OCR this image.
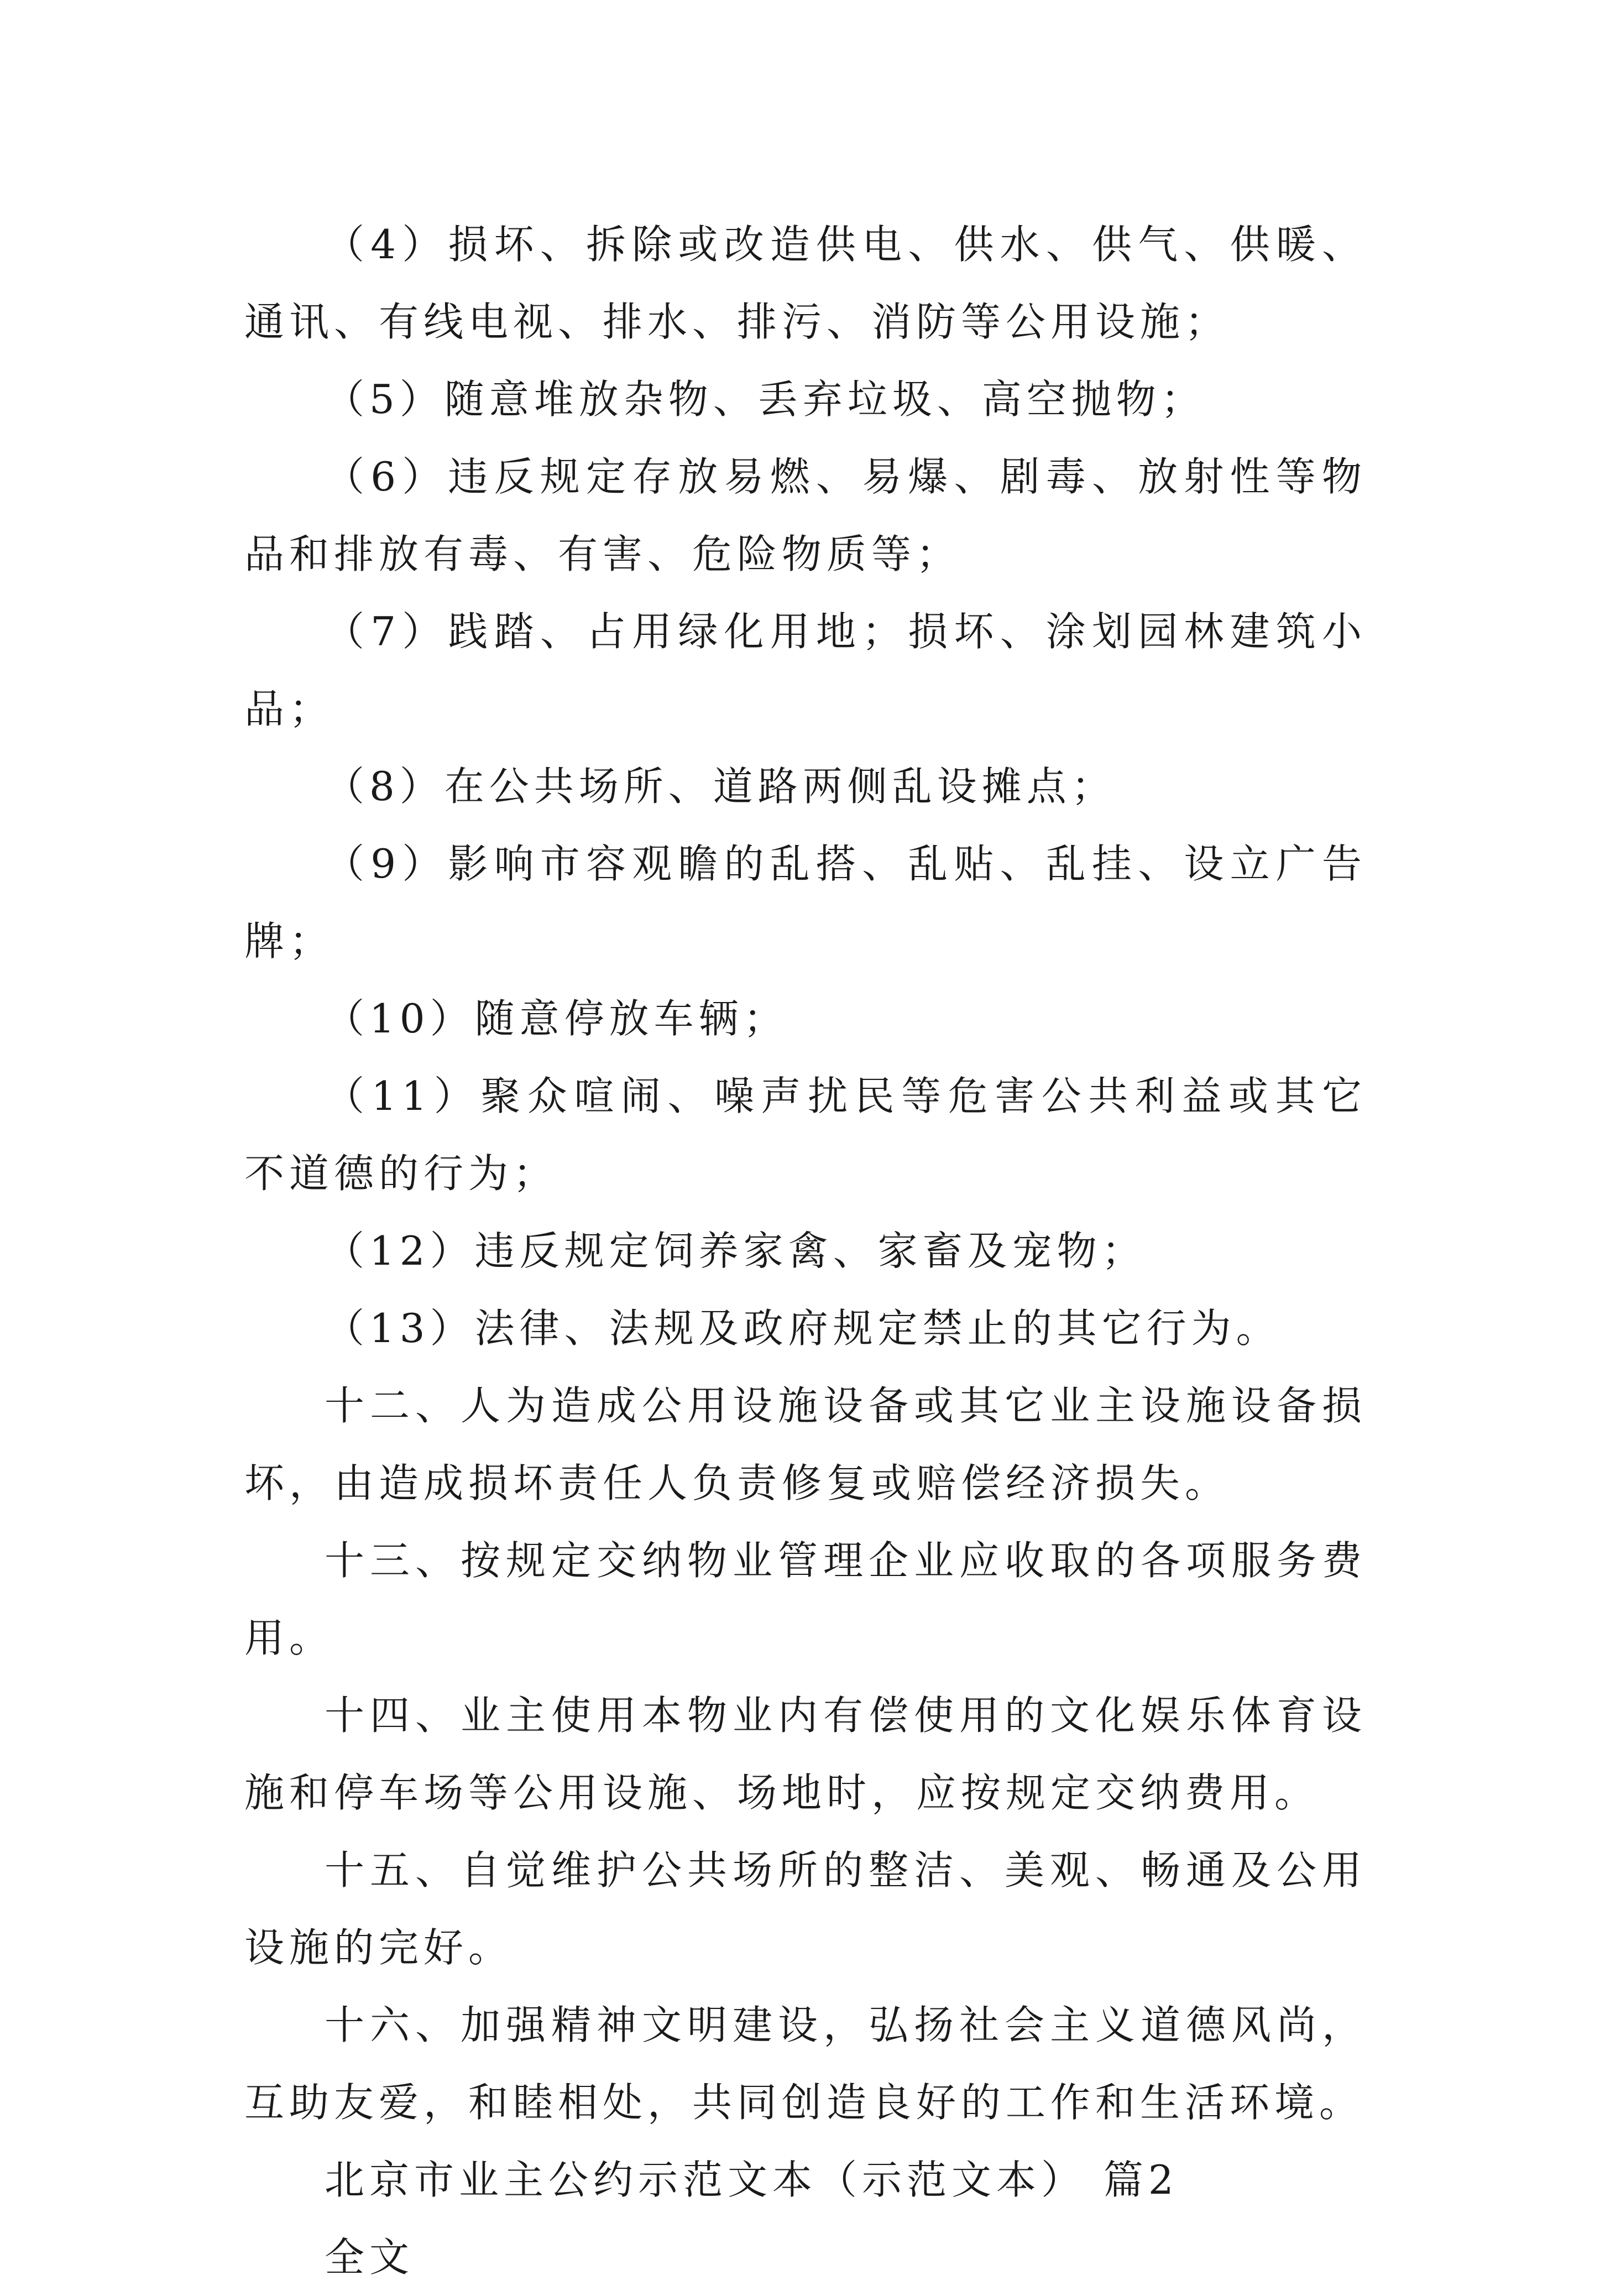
（4）损坏、拆除或改造供电、供水、供气、供暖、通讯、有线电视、排水、排污、消防等公用设施；

（5）随意堆放杂物、丢弃垃圾、高空抛物；

（6）违反规定存放易燃、易爆、剧毒、放射性等物品和排放有毒、有害、危险物质等；

（7）践踏、占用绿化用地；损坏、涂划园林建筑小品；

（8）在公共场所、道路两侧乱设摊点；

（9）影响市容观瞻的乱搭、乱贴、乱挂、设立广告牌；

（10）随意停放车辆；

（11）聚众喧闹、噪声扰民等危害公共利益或其它不道德的行为；

（12）违反规定饲养家禽、家畜及宠物；

（13）法律、法规及政府规定禁止的其它行为。

十二、人为造成公用设施设备或其它业主设施设备损坏，由造成损坏责任人负责修复或赔偿经济损失。

十三、按规定交纳物业管理企业应收取的各项服务费用。

十四、业主使用本物业内有偿使用的文化娱乐体育设施和停车场等公用设施、场地时，应按规定交纳费用。

十五、自觉维护公共场所的整洁、美观、畅通及公用设施的完好。

十六、加强精神文明建设，弘扬社会主义道德风尚，互助友爱，和睦相处，共同创造良好的工作和生活环境。

北京市业主公约示范文本（示范文本） 篇2

全文
